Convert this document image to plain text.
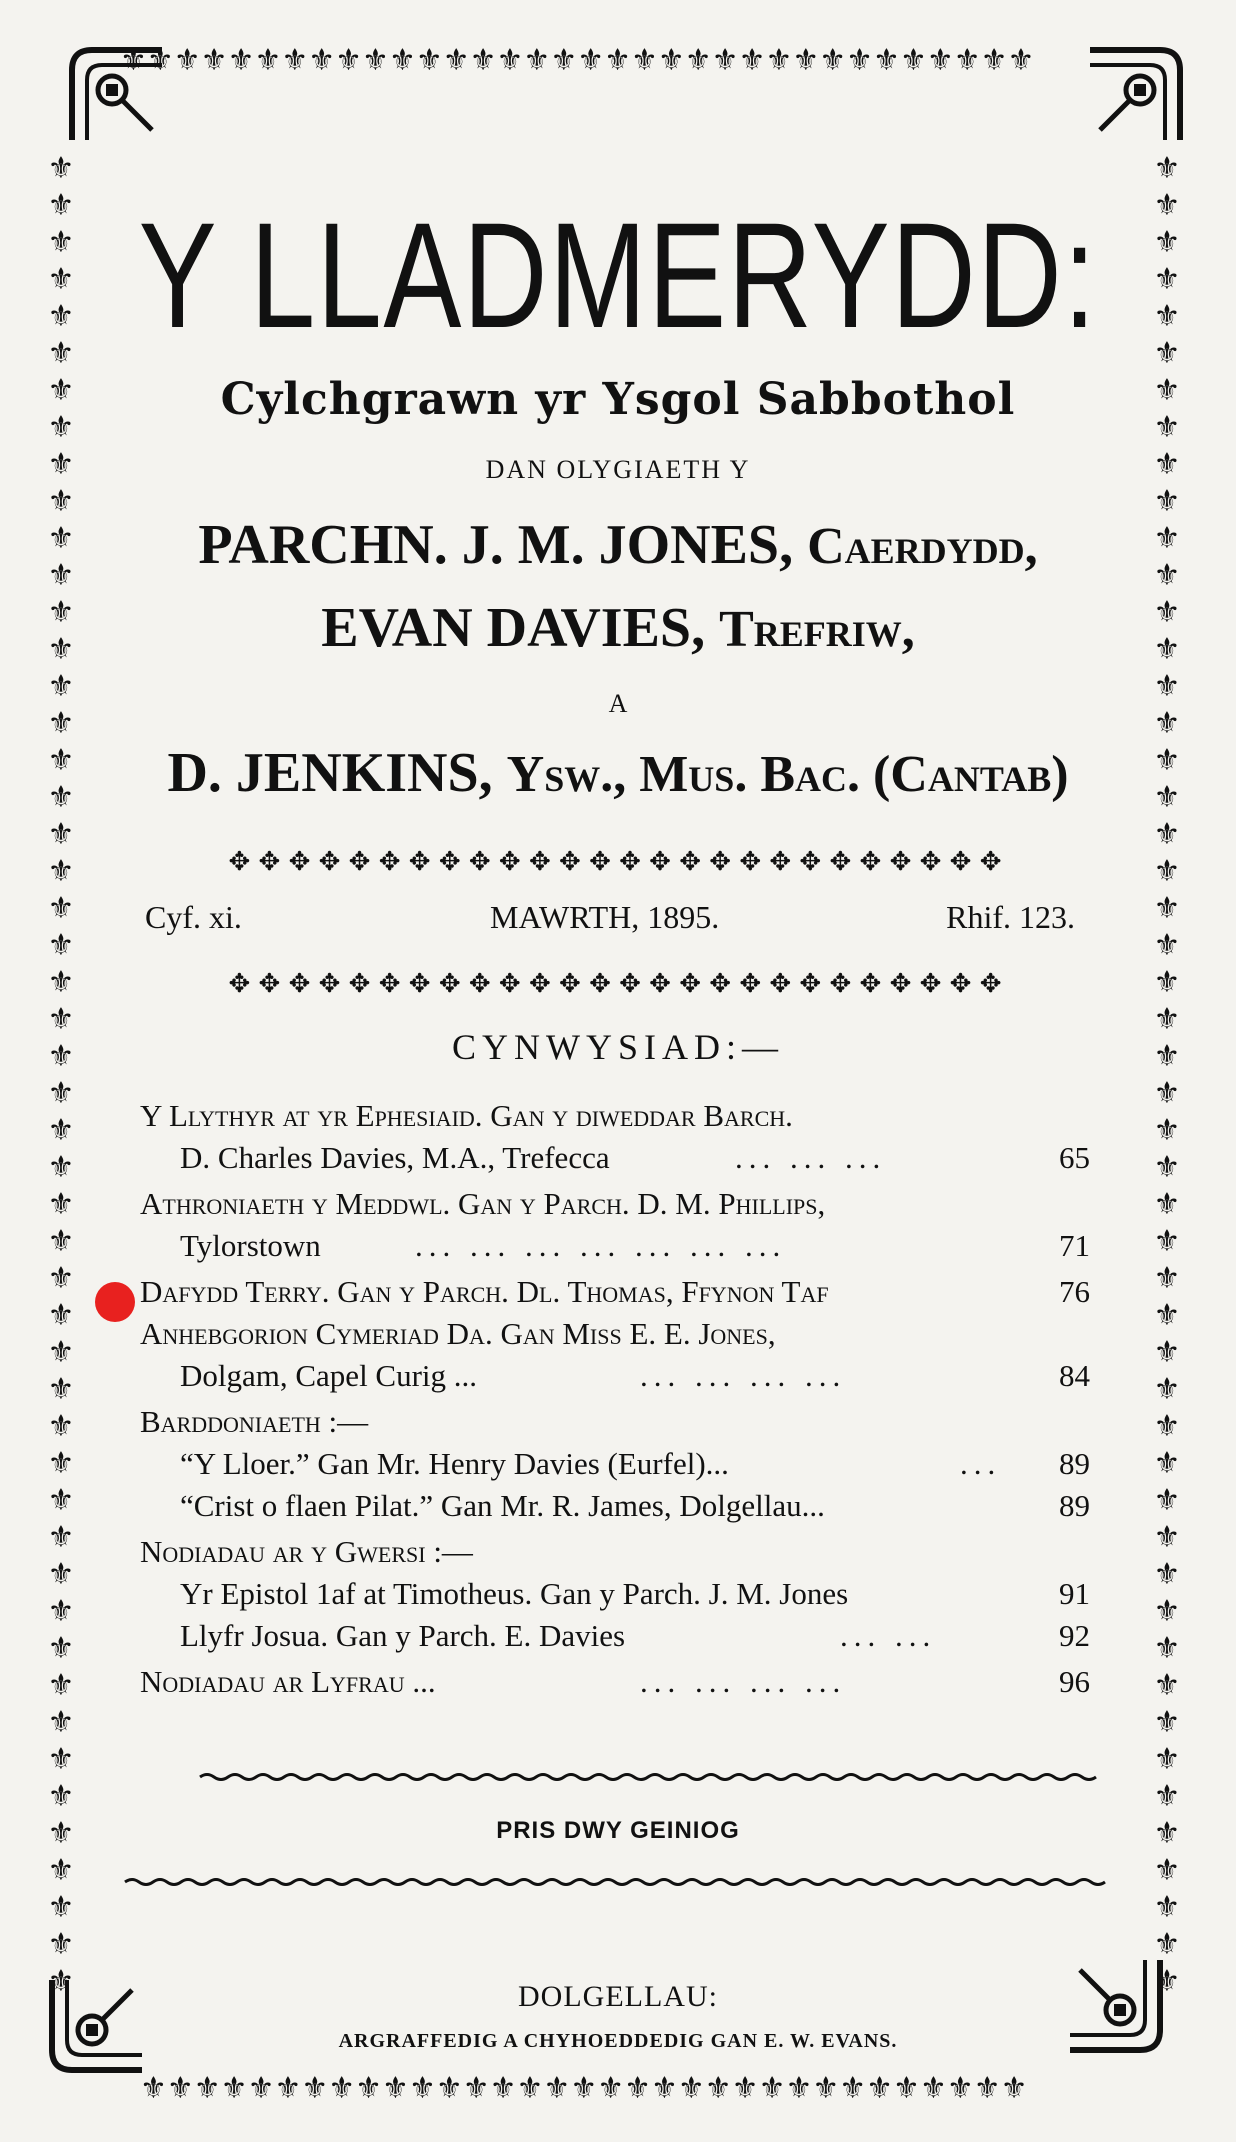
⚜⚜⚜⚜⚜⚜⚜⚜⚜⚜⚜⚜⚜⚜⚜⚜⚜⚜⚜⚜⚜⚜⚜⚜⚜⚜⚜⚜⚜⚜⚜⚜⚜⚜
⚜⚜⚜⚜⚜⚜⚜⚜⚜⚜⚜⚜⚜⚜⚜⚜⚜⚜⚜⚜⚜⚜⚜⚜⚜⚜⚜⚜⚜⚜⚜⚜⚜
⚜⚜⚜⚜⚜⚜⚜⚜⚜⚜⚜⚜⚜⚜⚜⚜⚜⚜⚜⚜⚜⚜⚜⚜⚜⚜⚜⚜⚜⚜⚜⚜⚜⚜⚜⚜⚜⚜⚜⚜⚜⚜⚜⚜⚜⚜⚜⚜⚜⚜
⚜⚜⚜⚜⚜⚜⚜⚜⚜⚜⚜⚜⚜⚜⚜⚜⚜⚜⚜⚜⚜⚜⚜⚜⚜⚜⚜⚜⚜⚜⚜⚜⚜⚜⚜⚜⚜⚜⚜⚜⚜⚜⚜⚜⚜⚜⚜⚜⚜⚜
Y LLADMERYDD:
Cylchgrawn yr Ysgol Sabbothol
DAN OLYGIAETH Y
PARCHN. J. M. JONES, Caerdydd,
EVAN DAVIES, Trefriw,
A
D. JENKINS, Ysw., Mus. Bac. (Cantab)
✥ ✥ ✥ ✥ ✥ ✥ ✥ ✥ ✥ ✥ ✥ ✥ ✥ ✥ ✥ ✥ ✥ ✥ ✥ ✥ ✥ ✥ ✥ ✥ ✥ ✥
Cyf. xi.	MAWRTH, 1895.	Rhif. 123.
✥ ✥ ✥ ✥ ✥ ✥ ✥ ✥ ✥ ✥ ✥ ✥ ✥ ✥ ✥ ✥ ✥ ✥ ✥ ✥ ✥ ✥ ✥ ✥ ✥ ✥
CYNWYSIAD:—
Y Llythyr at yr Ephesiaid. Gan y diweddar Barch.
D. Charles Davies, M.A., Trefecca	... ... ...	65
Athroniaeth y Meddwl. Gan y Parch. D. M. Phillips,
Tylorstown	... ... ... ... ... ... ...	71
Dafydd Terry. Gan y Parch. Dl. Thomas, Ffynon Taf	76
Anhebgorion Cymeriad Da. Gan Miss E. E. Jones,
Dolgam, Capel Curig ...	... ... ... ...	84
Barddoniaeth :—
“Y Lloer.” Gan Mr. Henry Davies (Eurfel)...	...	89
“Crist o flaen Pilat.” Gan Mr. R. James, Dolgellau...	89
Nodiadau ar y Gwersi :—
Yr Epistol 1af at Timotheus. Gan y Parch. J. M. Jones	91
Llyfr Josua. Gan y Parch. E. Davies	... ...	92
Nodiadau ar Lyfrau ...	... ... ... ...	96
PRIS DWY GEINIOG
DOLGELLAU:
ARGRAFFEDIG A CHYHOEDDEDIG GAN E. W. EVANS.
